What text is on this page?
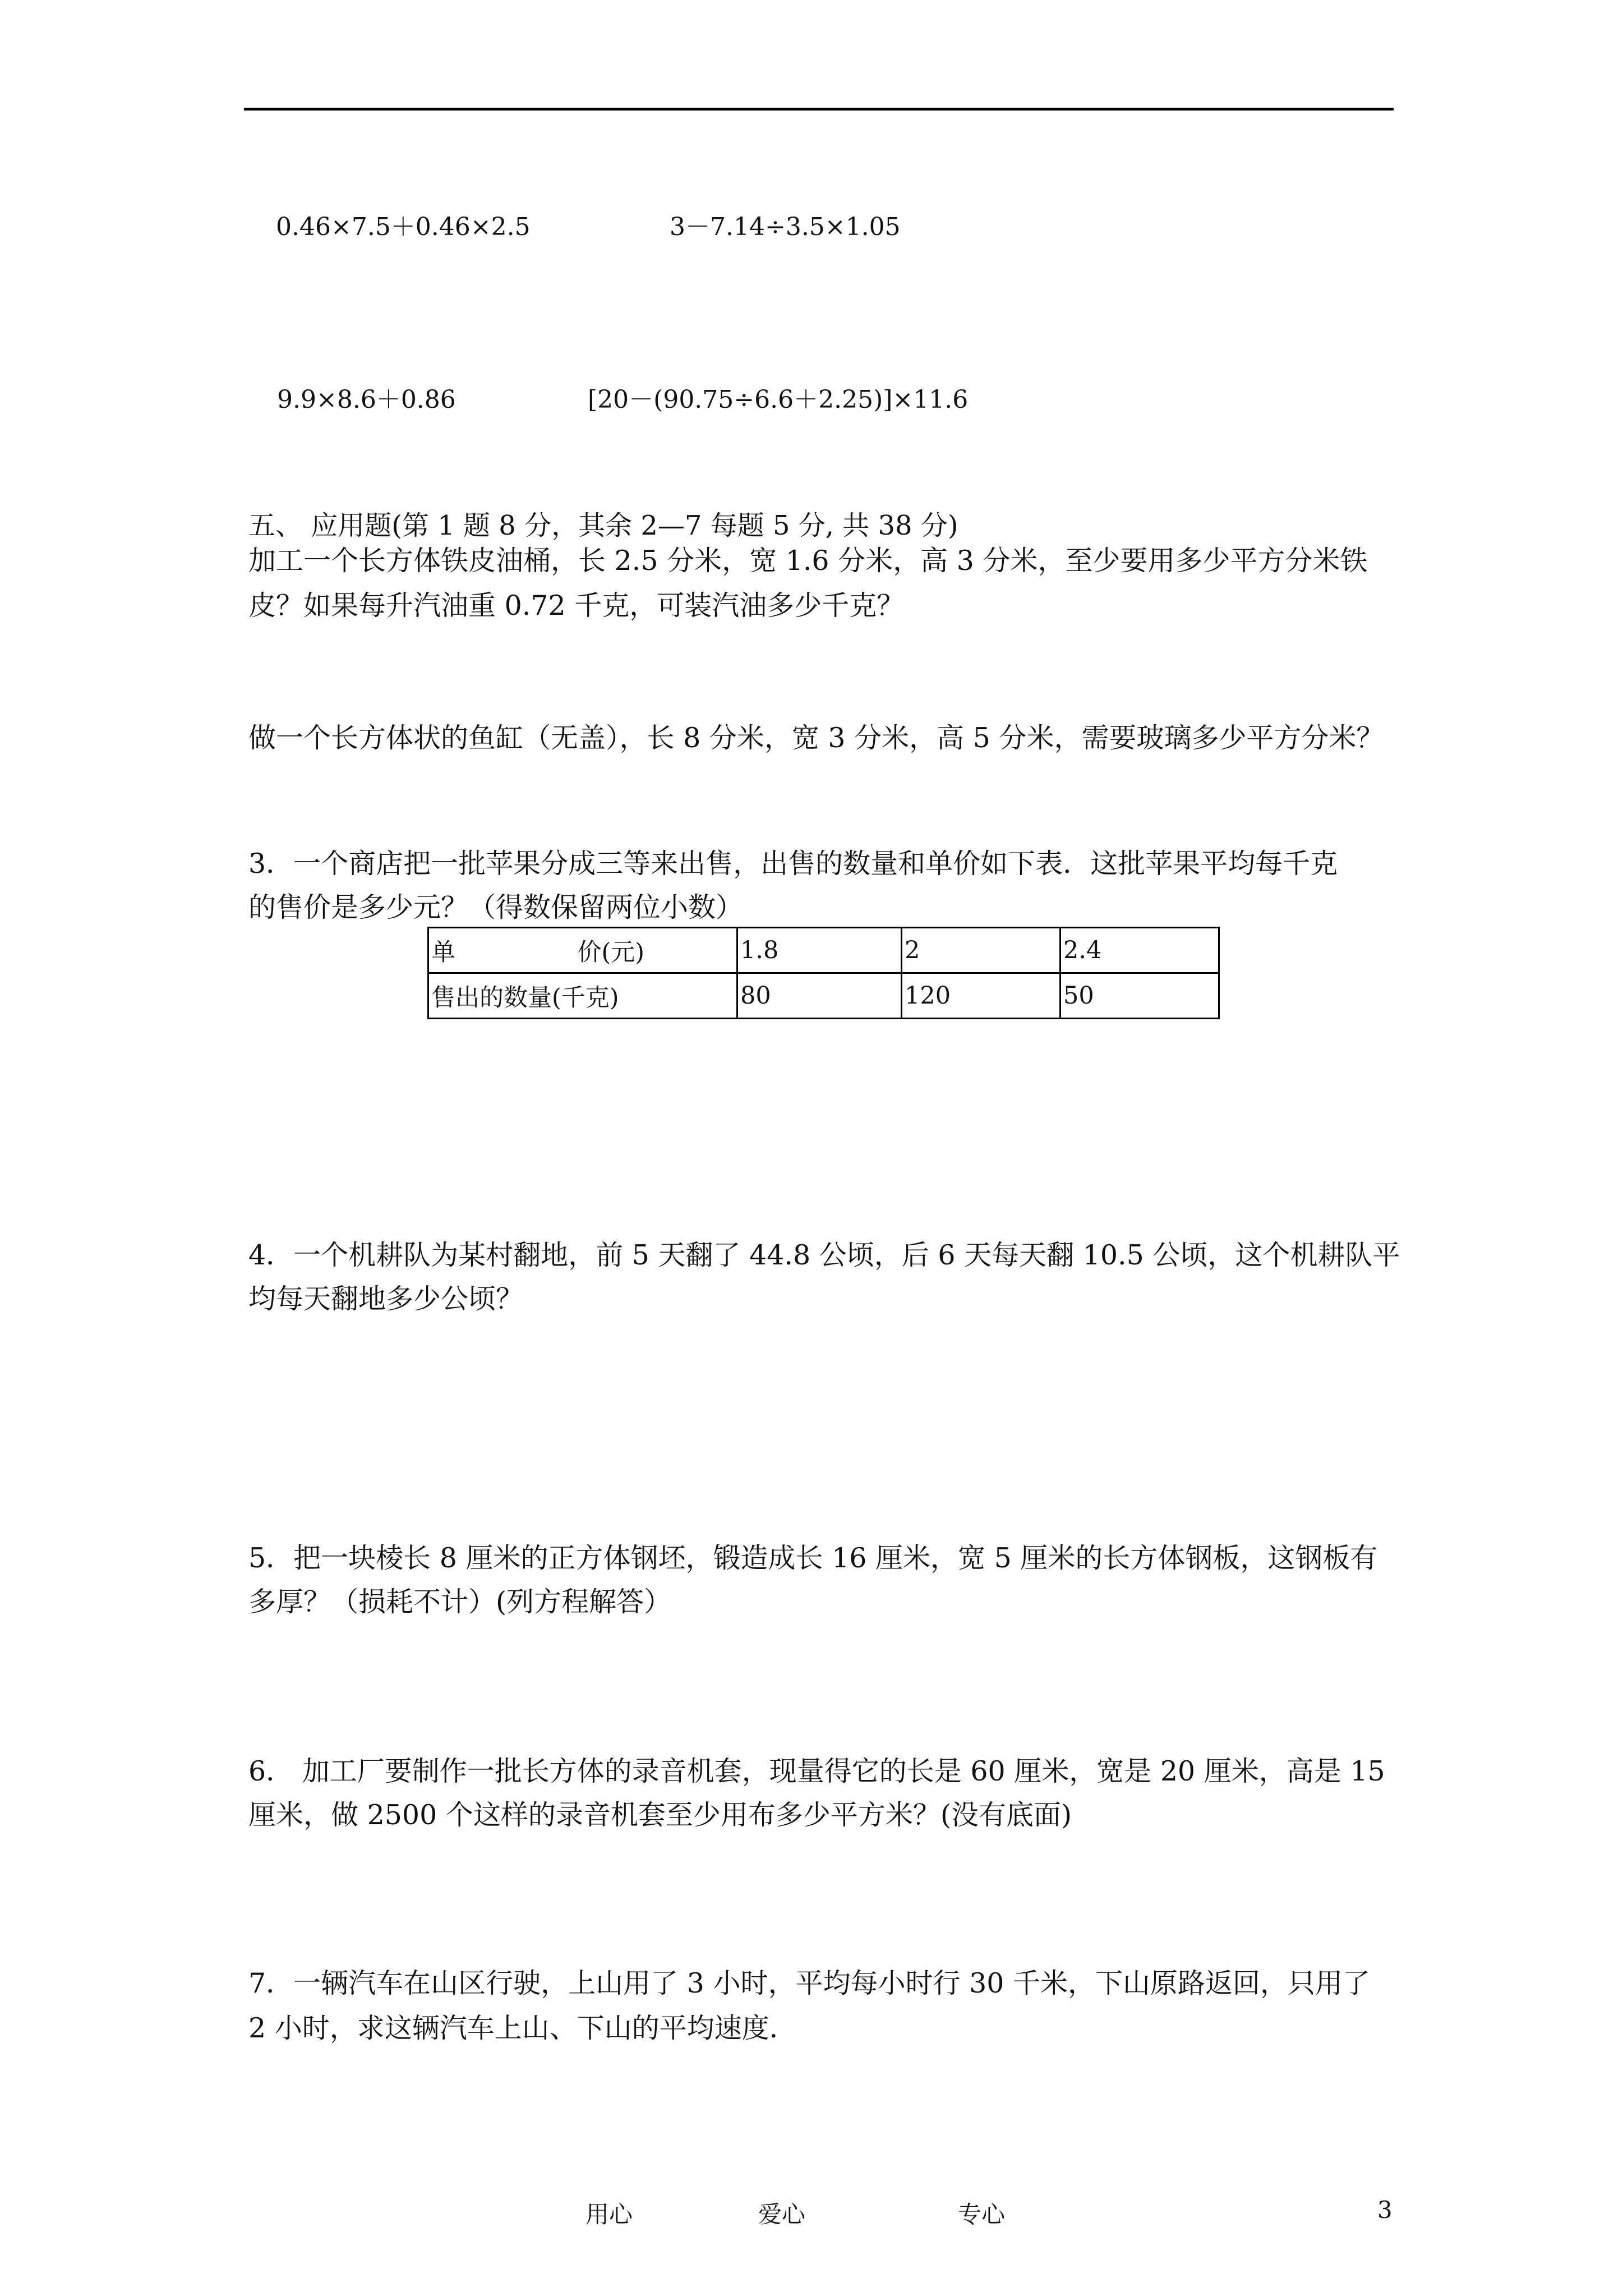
0.46×7.5＋0.46×2.5	3－7.14÷3.5×1.05
9.9×8.6＋0.86	[20－(90.75÷6.6＋2.25)]×11.6
五、 应用题(第 1 题 8 分，其余 2—7 每题 5 分, 共 38 分)
加工一个长方体铁皮油桶，长 2.5 分米，宽 1.6 分米，高 3 分米，至少要用多少平方分米铁
皮？如果每升汽油重 0.72 千克，可装汽油多少千克？
做一个长方体状的鱼缸（无盖），长 8 分米，宽 3 分米，高 5 分米，需要玻璃多少平方分米？
3．一个商店把一批苹果分成三等来出售，出售的数量和单价如下表．这批苹果平均每千克
的售价是多少元？（得数保留两位小数）
单 价(元)	1.8	2	2.4
售出的数量(千克)	80	120	50
4．一个机耕队为某村翻地，前 5 天翻了 44.8 公顷，后 6 天每天翻 10.5 公顷，这个机耕队平
均每天翻地多少公顷？
5．把一块棱长 8 厘米的正方体钢坯，锻造成长 16 厘米，宽 5 厘米的长方体钢板，这钢板有
多厚？（损耗不计）(列方程解答）
6． 加工厂要制作一批长方体的录音机套，现量得它的长是 60 厘米，宽是 20 厘米，高是 15
厘米，做 2500 个这样的录音机套至少用布多少平方米？(没有底面)
7．一辆汽车在山区行驶，上山用了 3 小时，平均每小时行 30 千米，下山原路返回，只用了
2 小时，求这辆汽车上山、下山的平均速度．
用心	爱心	专心	3
